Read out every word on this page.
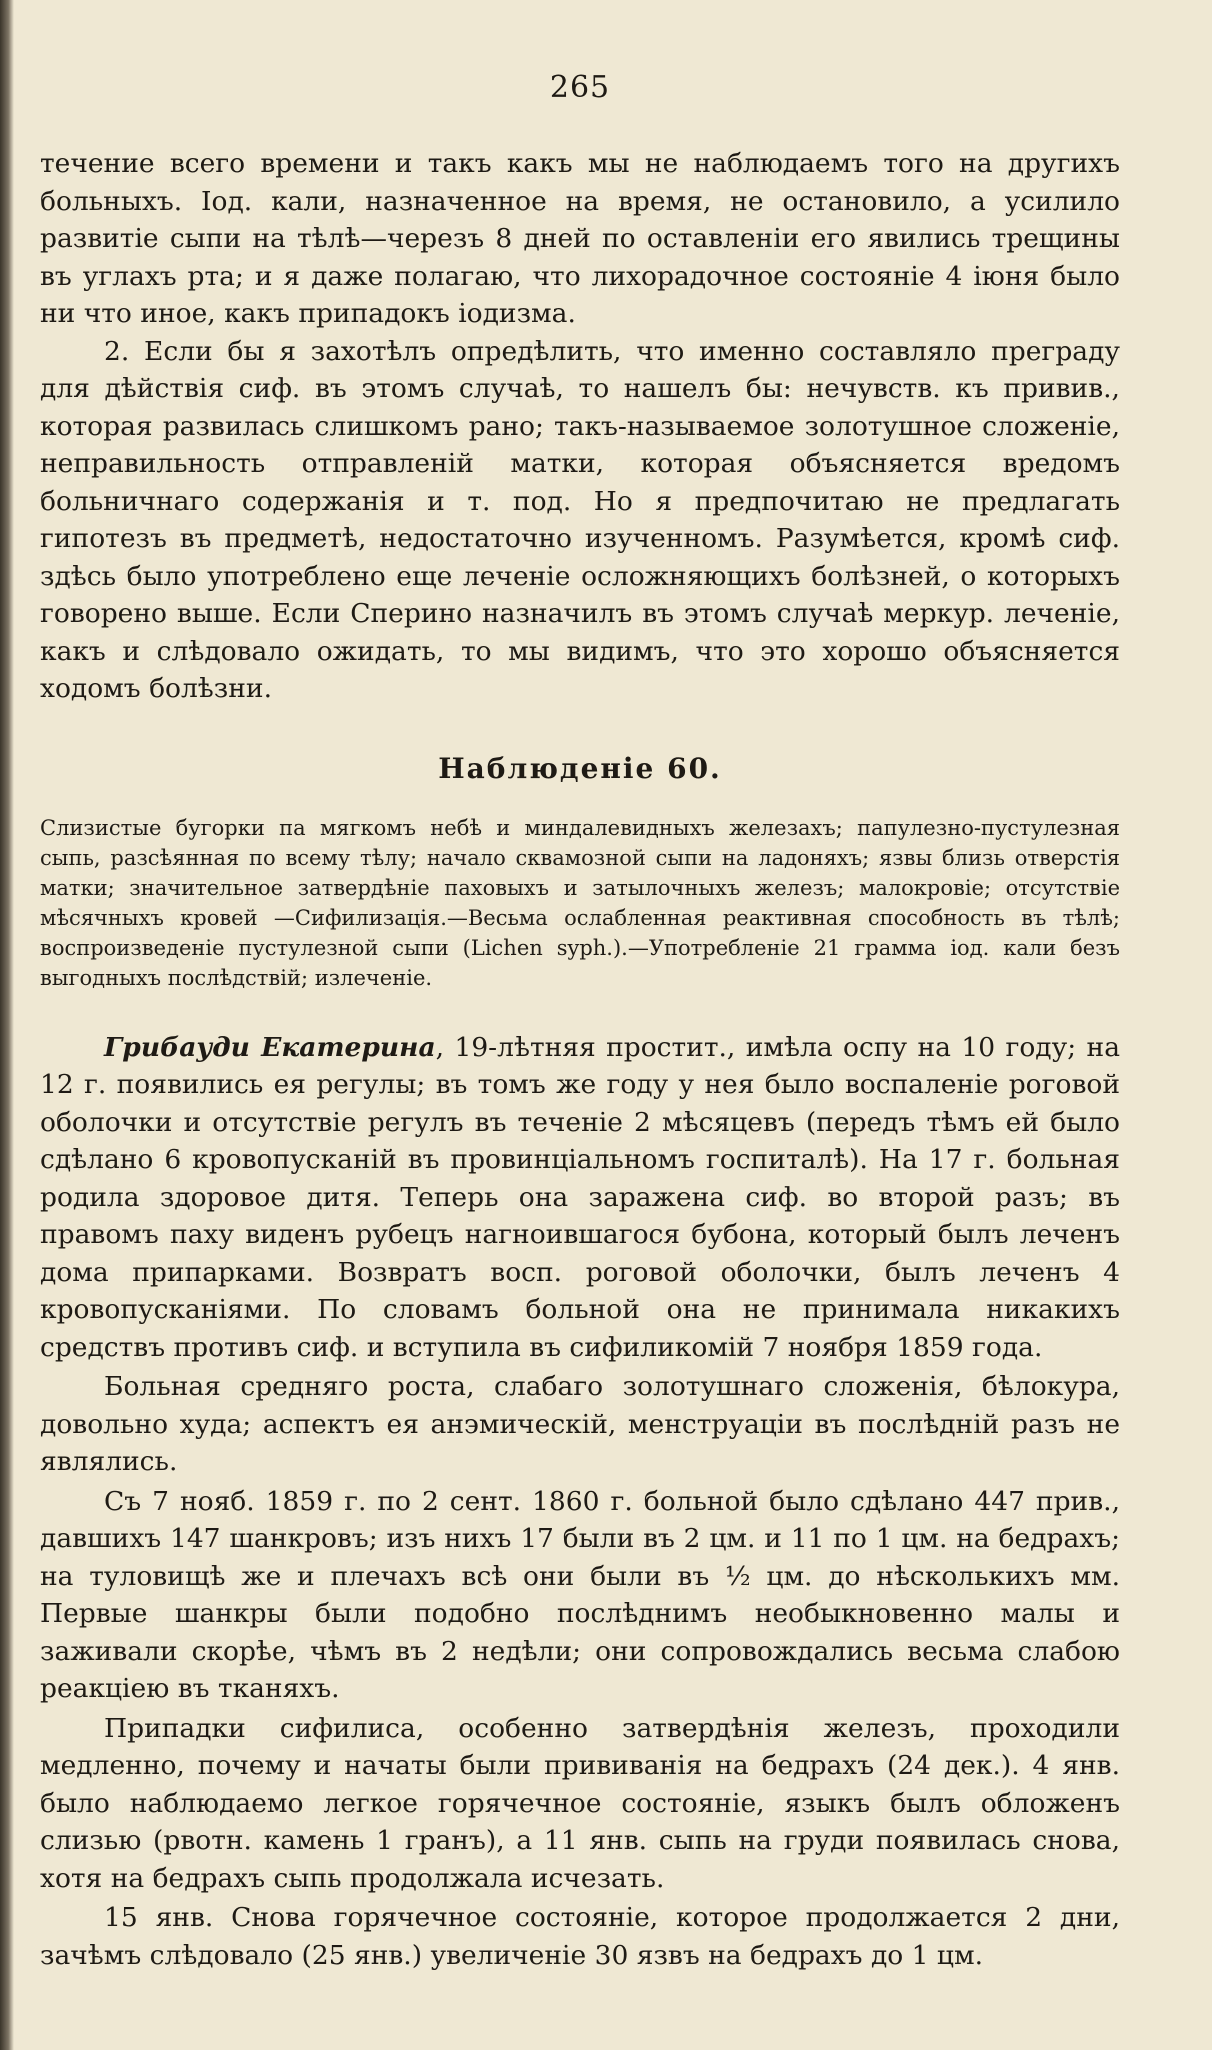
265

течение всего времени и такъ какъ мы не наблюдаемъ того на другихъ больныхъ. Іод. кали, назначенное на время, не остановило, а усилило развитіе сыпи на тѣлѣ—черезъ 8 дней по оставленіи его явились трещины въ углахъ рта; и я даже полагаю, что лихорадочное состояніе 4 іюня было ни что иное, какъ припадокъ іодизма.

2. Если бы я захотѣлъ опредѣлить, что именно составляло преграду для дѣйствія сиф. въ этомъ случаѣ, то нашелъ бы: нечувств. къ привив., которая развилась слишкомъ рано; такъ-называемое золотушное сложеніе, неправильность отправленій матки, которая объясняется вредомъ больничнаго содержанія и т. под. Но я предпочитаю не предлагать гипотезъ въ предметѣ, недостаточно изученномъ. Разумѣется, кромѣ сиф. здѣсь было употреблено еще леченіе осложняющихъ болѣзней, о которыхъ говорено выше. Если Сперино назначилъ въ этомъ случаѣ меркур. леченіе, какъ и слѣдовало ожидать, то мы видимъ, что это хорошо объясняется ходомъ болѣзни.

Наблюденіе 60.
Слизистые бугорки па мягкомъ небѣ и миндалевидныхъ железахъ; папулезно-пустулезная сыпь, разсѣянная по всему тѣлу; начало сквамозной сыпи на ладоняхъ; язвы близь отверстія матки; значительное затвердѣніе паховыхъ и затылочныхъ железъ; малокровіе; отсутствіе мѣсячныхъ кровей —Сифилизація.—Весьма ослабленная реактивная способность въ тѣлѣ; воспроизведеніе пустулезной сыпи (Lichen syph.).—Употребленіе 21 грамма іод. кали безъ выгодныхъ послѣдствій; излеченіе.

Грибауди Екатерина, 19-лѣтняя простит., имѣла оспу на 10 году; на 12 г. появились ея регулы; въ томъ же году у нея было воспаленіе роговой оболочки и отсутствіе регулъ въ теченіе 2 мѣсяцевъ (передъ тѣмъ ей было сдѣлано 6 кровопусканій въ провинціальномъ госпиталѣ). На 17 г. больная родила здоровое дитя. Теперь она заражена сиф. во второй разъ; въ правомъ паху виденъ рубецъ нагноившагося бубона, который былъ леченъ дома припарками. Возвратъ восп. роговой оболочки, былъ леченъ 4 кровопусканіями. По словамъ больной она не принимала никакихъ средствъ противъ сиф. и вступила въ сифиликомій 7 ноября 1859 года.

Больная средняго роста, слабаго золотушнаго сложенія, бѣлокура, довольно худа; аспектъ ея анэмическій, менструаціи въ послѣдній разъ не являлись.

Съ 7 нояб. 1859 г. по 2 сент. 1860 г. больной было сдѣлано 447 прив., давшихъ 147 шанкровъ; изъ нихъ 17 были въ 2 цм. и 11 по 1 цм. на бедрахъ; на туловищѣ же и плечахъ всѣ они были въ ½ цм. до нѣсколькихъ мм. Первые шанкры были подобно послѣднимъ необыкновенно малы и заживали скорѣе, чѣмъ въ 2 недѣли; они сопровождались весьма слабою реакціею въ тканяхъ.

Припадки сифилиса, особенно затвердѣнія железъ, проходили медленно, почему и начаты были прививанія на бедрахъ (24 дек.). 4 янв. было наблюдаемо легкое горячечное состояніе, языкъ былъ обложенъ слизью (рвотн. камень 1 гранъ), а 11 янв. сыпь на груди появилась снова, хотя на бедрахъ сыпь продолжала исчезать.

15 янв. Снова горячечное состояніе, которое продолжается 2 дни, зачѣмъ слѣдовало (25 янв.) увеличеніе 30 язвъ на бедрахъ до 1 цм.
